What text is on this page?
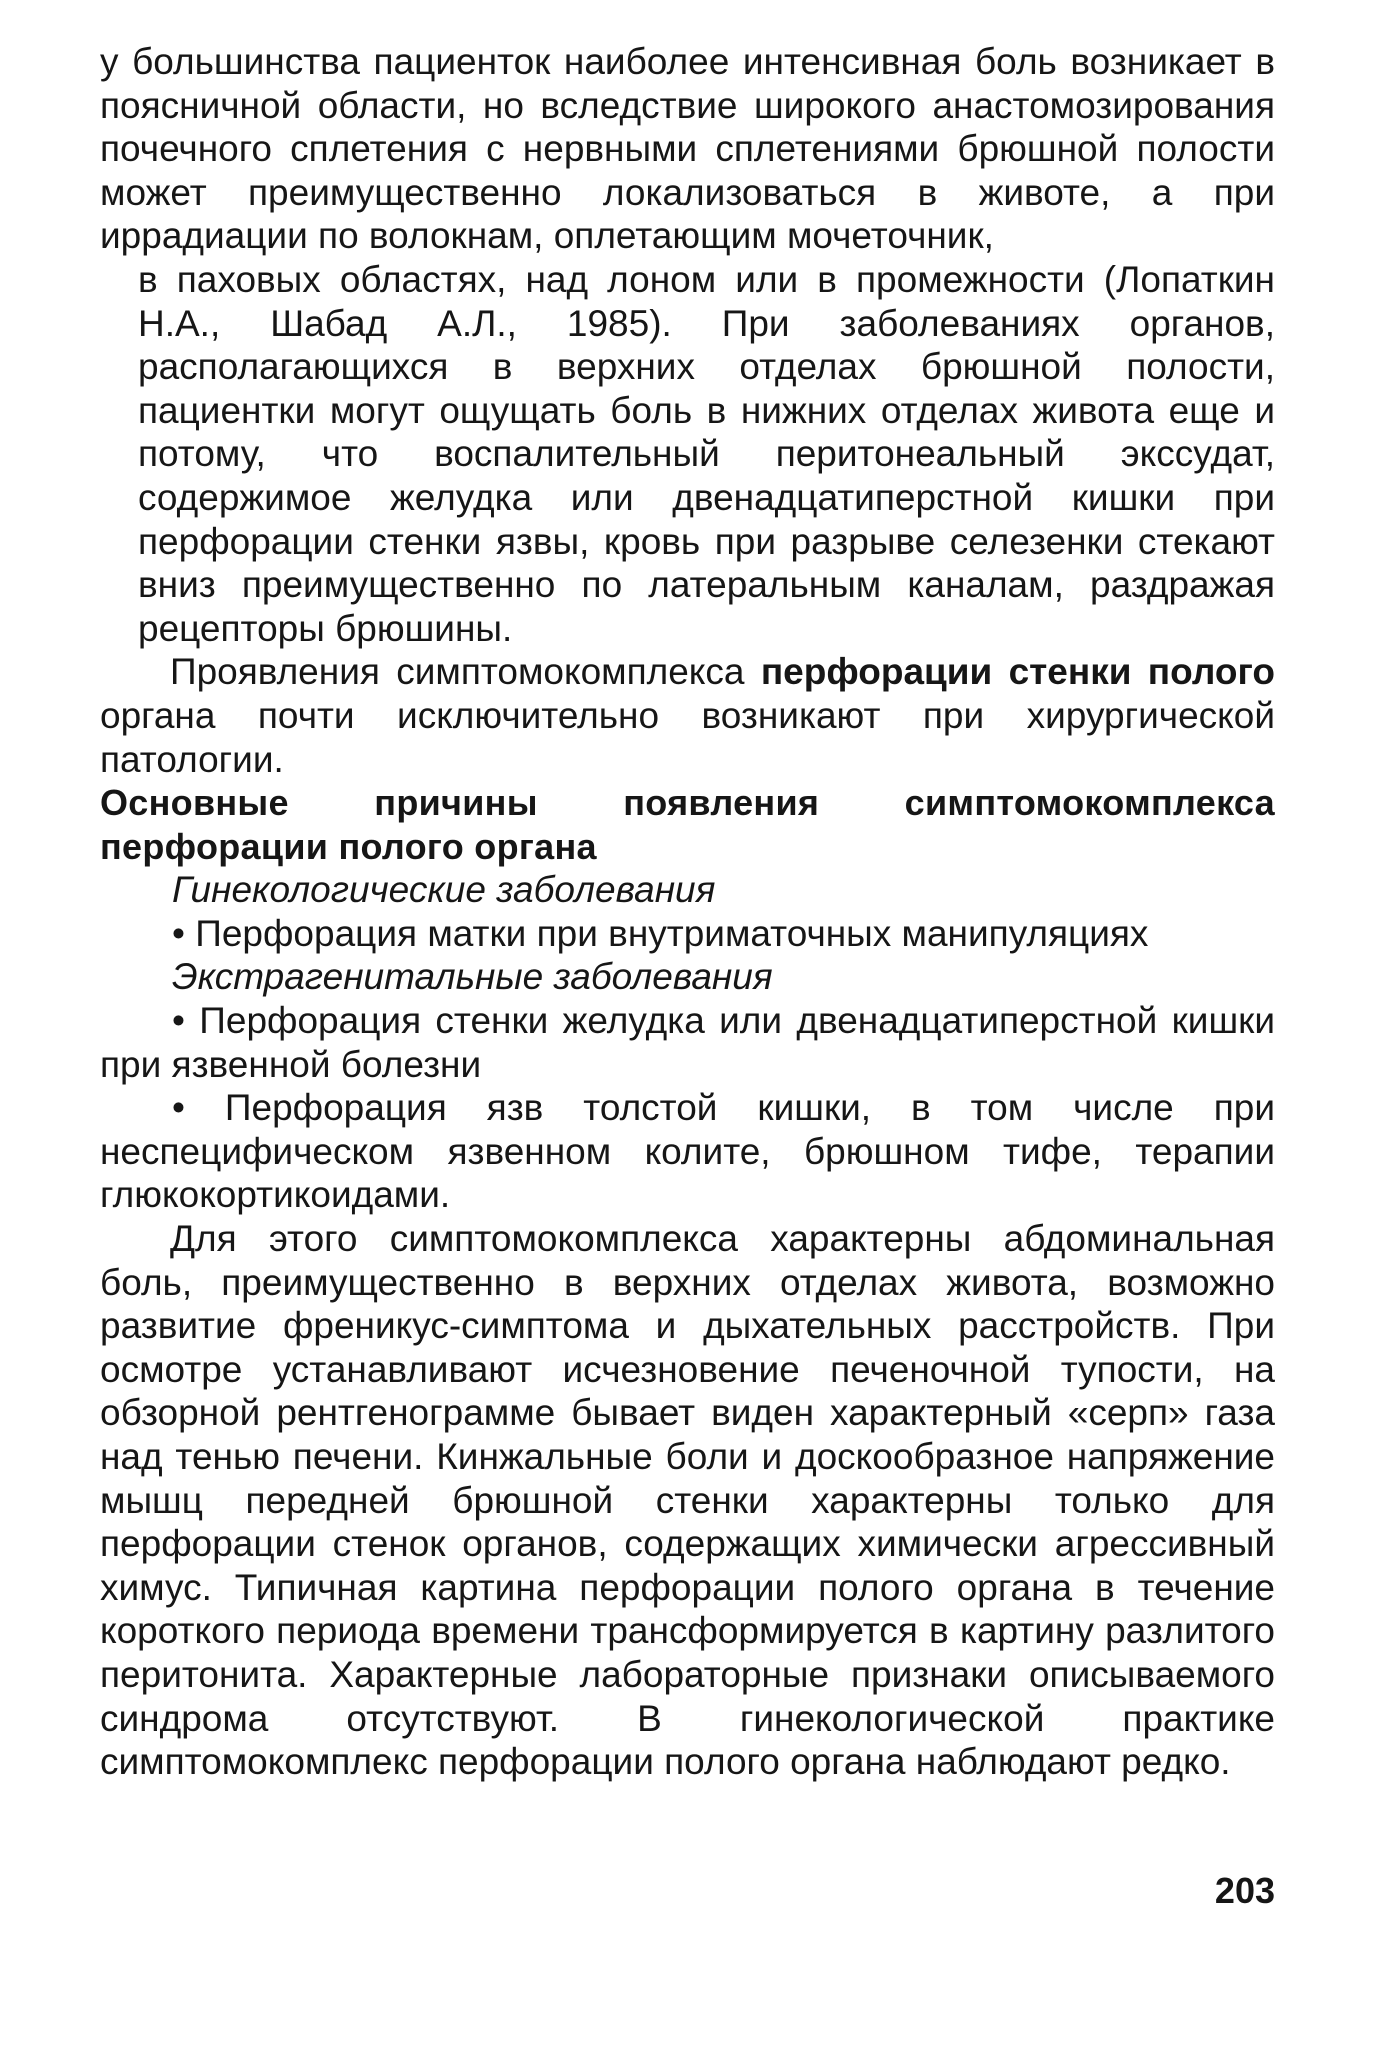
у большинства пациенток наиболее интенсивная боль возникает в поясничной области, но вследствие широкого анастомозирования почечного сплетения с нервными сплетениями брюшной полости может преимущественно локализоваться в животе, а при иррадиации по волокнам, оплетающим мочеточник,

в паховых областях, над лоном или в промежности (Лопаткин Н.А., Шабад А.Л., 1985). При заболеваниях органов, располагающихся в верхних отделах брюшной полости, пациентки могут ощущать боль в нижних отделах живота еще и потому, что воспалительный перитонеальный экссудат, содержимое желудка или двенадцатиперстной кишки при перфорации стенки язвы, кровь при разрыве селезенки стекают вниз преимущественно по латеральным каналам, раздражая рецепторы брюшины.

Проявления симптомокомплекса перфорации стенки полого органа почти исключительно возникают при хирургической патологии.

Основные причины появления симптомокомплекса
перфорации полого органа

Гинекологические заболевания

• Перфорация матки при внутриматочных манипуляциях

Экстрагенитальные заболевания

• Перфорация стенки желудка или двенадцатиперстной кишки при язвенной болезни

• Перфорация язв толстой кишки, в том числе при неспецифическом язвенном колите, брюшном тифе, терапии глюкокортикоидами.

Для этого симптомокомплекса характерны абдоминальная боль, преимущественно в верхних отделах живота, возможно развитие френикус-симптома и дыхательных расстройств. При осмотре устанавливают исчезновение печеночной тупости, на обзорной рентгенограмме бывает виден характерный «серп» газа над тенью печени. Кинжальные боли и доскообразное напряжение мышц передней брюшной стенки характерны только для перфорации стенок органов, содержащих химически агрессивный химус. Типичная картина перфорации полого органа в течение короткого периода времени трансформируется в картину разлитого перитонита. Характерные лабораторные признаки описываемого синдрома отсутствуют. В гинекологической практике симптомокомплекс перфорации полого органа наблюдают редко.

203
